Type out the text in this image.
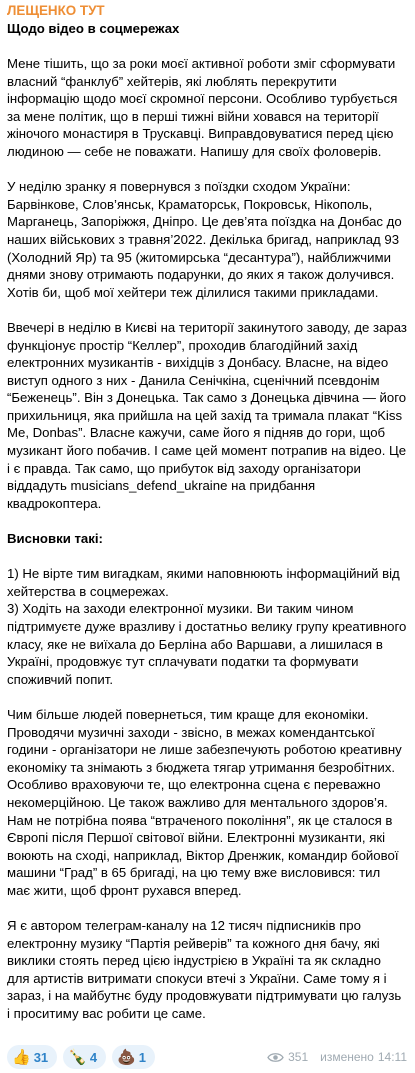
ЛЕЩЕНКО ТУТ
Щодо відео в соцмережах

Мене тішить, що за роки моєї активної роботи зміг сформувати власний “фанклуб” хейтерів, які люблять перекрутити інформацію щодо моєї скромної персони. Особливо турбується за мене політик, що в перші тижні війни ховався на території жіночого монастиря в Трускавці. Виправдовуватися перед цією людиною — себе не поважати. Напишу для своїх фоловерів.

У неділю зранку я повернувся з поїздки сходом України: Барвінкове, Слов’янськ, Краматорськ, Покровськ, Нікополь, Марганець, Запоріжжя, Дніпро. Це дев’ята поїздка на Донбас до наших військових з травня’2022. Декілька бригад, наприклад 93 (Холодний Яр) та 95 (житомирська “десантура”), найближчими днями знову отримають подарунки, до яких я також долучився. Хотів би, щоб мої хейтери теж ділилися такими прикладами.

Ввечері в неділю в Києві на території закинутого заводу, де зараз функціонує простір “Келлер”, проходив благодійний захід електронних музикантів - вихідців з Донбасу. Власне, на відео виступ одного з них - Данила Сенічкіна, сценічний псевдонім “Беженець”. Він з Донецька. Так само з Донецька дівчина — його прихильниця, яка прийшла на цей захід та тримала плакат “Kiss Me, Donbas”. Власне кажучи, саме його я підняв до гори, щоб музикант його побачив. І саме цей момент потрапив на відео. Це і є правда. Так само, що прибуток від заходу організатори віддадуть musicians_defend_ukraine на придбання квадрокоптера.

Висновки такі:

1) Не вірте тим вигадкам, якими наповнюють інформаційний від хейтерства в соцмережах.

3) Ходіть на заходи електронної музики. Ви таким чином підтримуєте дуже вразливу і достатньо велику групу креативного класу, яке не виїхала до Берліна або Варшави, а лишилася в Україні, продовжує тут сплачувати податки та формувати споживчий попит.

Чим більше людей повернеться, тим краще для економіки. Проводячи музичні заходи - звісно, в межах комендантської години - організатори не лише забезпечують роботою креативну економіку та знімають з бюджета тягар утримання безробітних. Особливо враховуючи те, що електронна сцена є переважно некомерційною. Це також важливо для ментального здоров’я. Нам не потрібна поява “втраченого покоління”, як це сталося в Європі після Першої світової війни. Електронні музиканти, які воюють на сході, наприклад, Віктор Дренжик, командир бойової машини “Град” в 65 бригаді, на цю тему вже висловився: тил має жити, щоб фронт рухався вперед.

Я є автором телеграм-каналу на 12 тисяч підписників про електронну музику “Партія рейверів” та кожного дня бачу, які виклики стоять перед цією індустрією в Україні та як складно для артистів витримати спокуси втечі з України. Саме тому я і зараз, і на майбутнє буду продовжувати підтримувати цю галузь і проситиму вас робити це саме.

👍 31 🍾 4 💩 1	351 изменено 14:11
